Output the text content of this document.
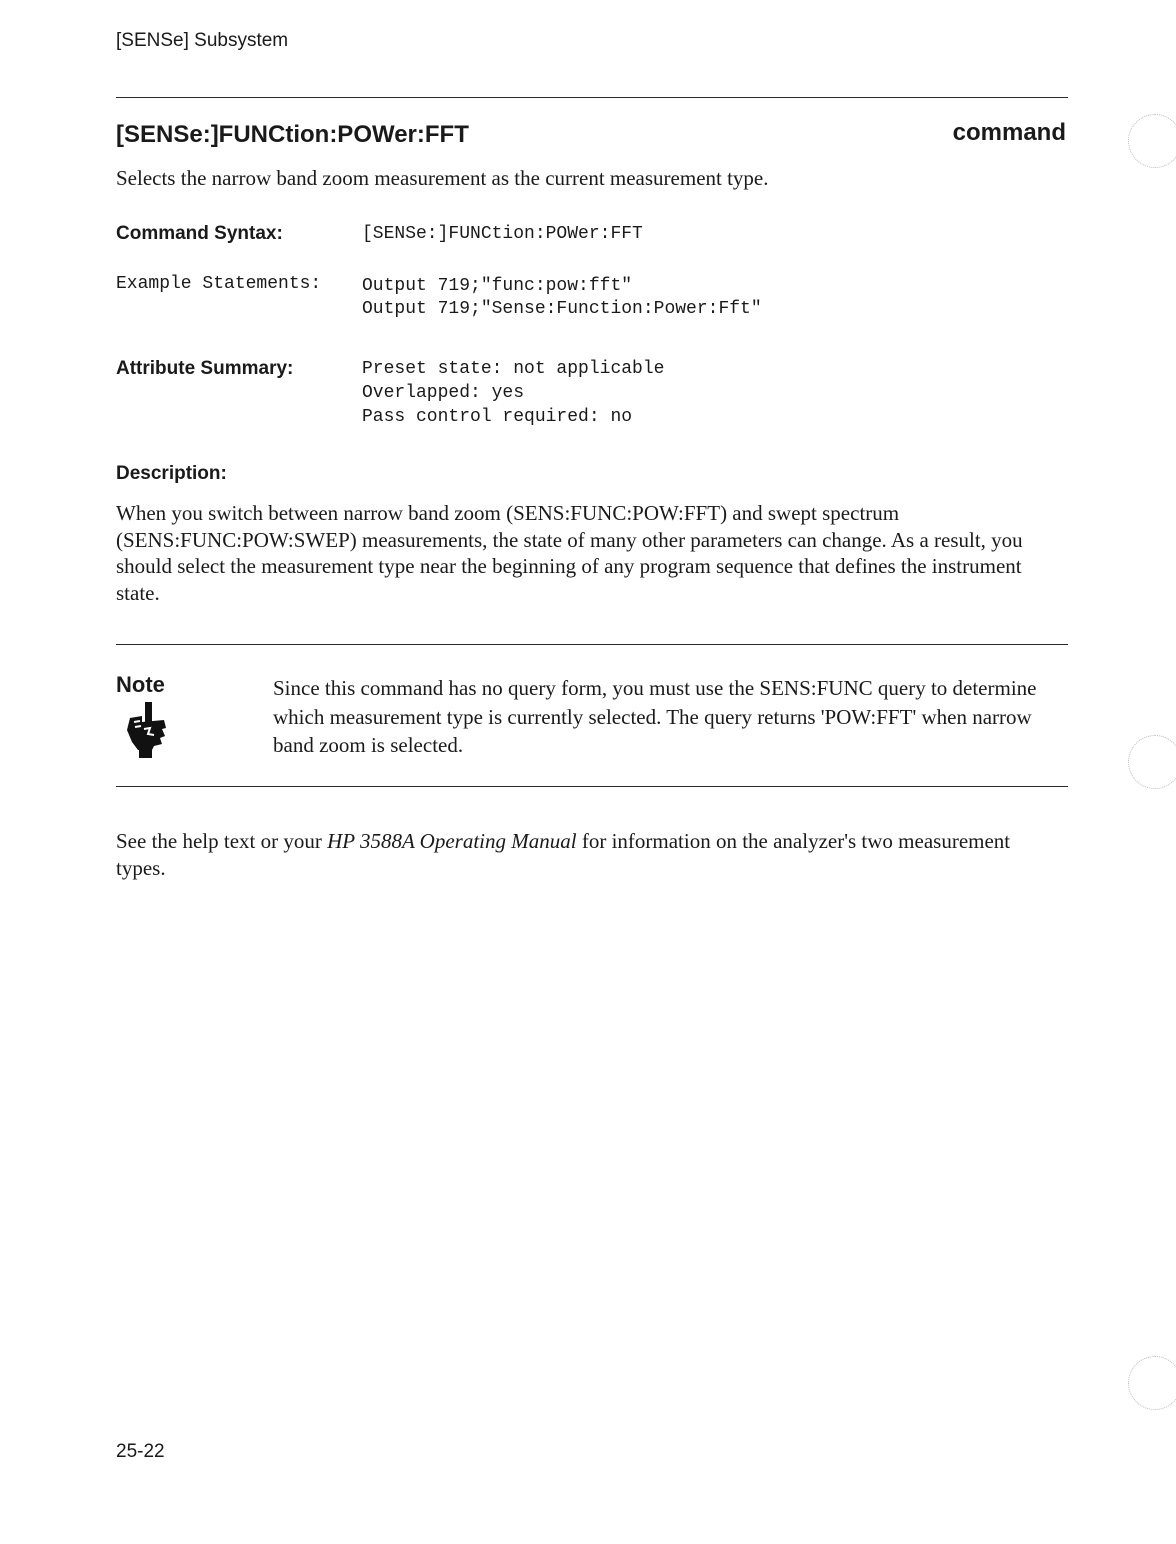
[SENSe] Subsystem
[SENSe:]FUNCtion:POWer:FFT	command
Selects the narrow band zoom measurement as the current measurement type.
Command Syntax:	[SENSe:]FUNCtion:POWer:FFT
Example Statements: Output 719;"func:pow:fft"
Output 719;"Sense:Function:Power:Fft"
Attribute Summary:	Preset state: not applicable
Overlapped: yes
Pass control required: no
Description:
When you switch between narrow band zoom (SENS:FUNC:POW:FFT) and swept spectrum (SENS:FUNC:POW:SWEP) measurements, the state of many other parameters can change. As a result, you should select the measurement type near the beginning of any program sequence that defines the instrument state.
Note	Since this command has no query form, you must use the SENS:FUNC query to determine which measurement type is currently selected. The query returns 'POW:FFT' when narrow band zoom is selected.
See the help text or your HP 3588A Operating Manual for information on the analyzer's two measurement types.
25-22
